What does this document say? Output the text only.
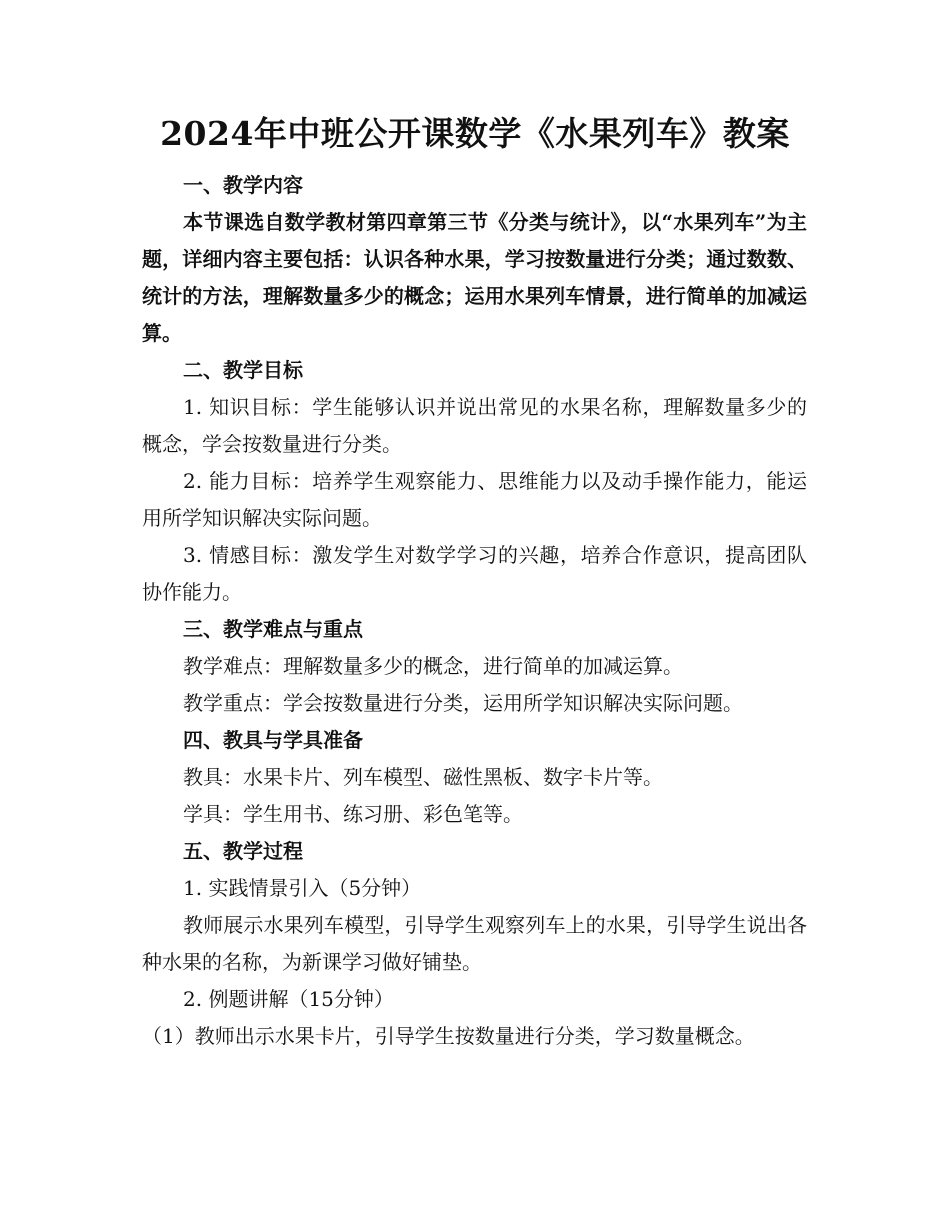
2024年中班公开课数学《水果列车》教案

一、教学内容

本节课选自数学教材第四章第三节《分类与统计》，以“水果列车”为主题，详细内容主要包括：认识各种水果，学习按数量进行分类；通过数数、统计的方法，理解数量多少的概念；运用水果列车情景，进行简单的加减运算。

二、教学目标

1. 知识目标：学生能够认识并说出常见的水果名称，理解数量多少的概念，学会按数量进行分类。

2. 能力目标：培养学生观察能力、思维能力以及动手操作能力，能运用所学知识解决实际问题。

3. 情感目标：激发学生对数学学习的兴趣，培养合作意识，提高团队协作能力。

三、教学难点与重点

教学难点：理解数量多少的概念，进行简单的加减运算。

教学重点：学会按数量进行分类，运用所学知识解决实际问题。

四、教具与学具准备

教具：水果卡片、列车模型、磁性黑板、数字卡片等。

学具：学生用书、练习册、彩色笔等。

五、教学过程

1. 实践情景引入（5分钟）

教师展示水果列车模型，引导学生观察列车上的水果，引导学生说出各种水果的名称，为新课学习做好铺垫。

2. 例题讲解（15分钟）

（1）教师出示水果卡片，引导学生按数量进行分类，学习数量概念。
